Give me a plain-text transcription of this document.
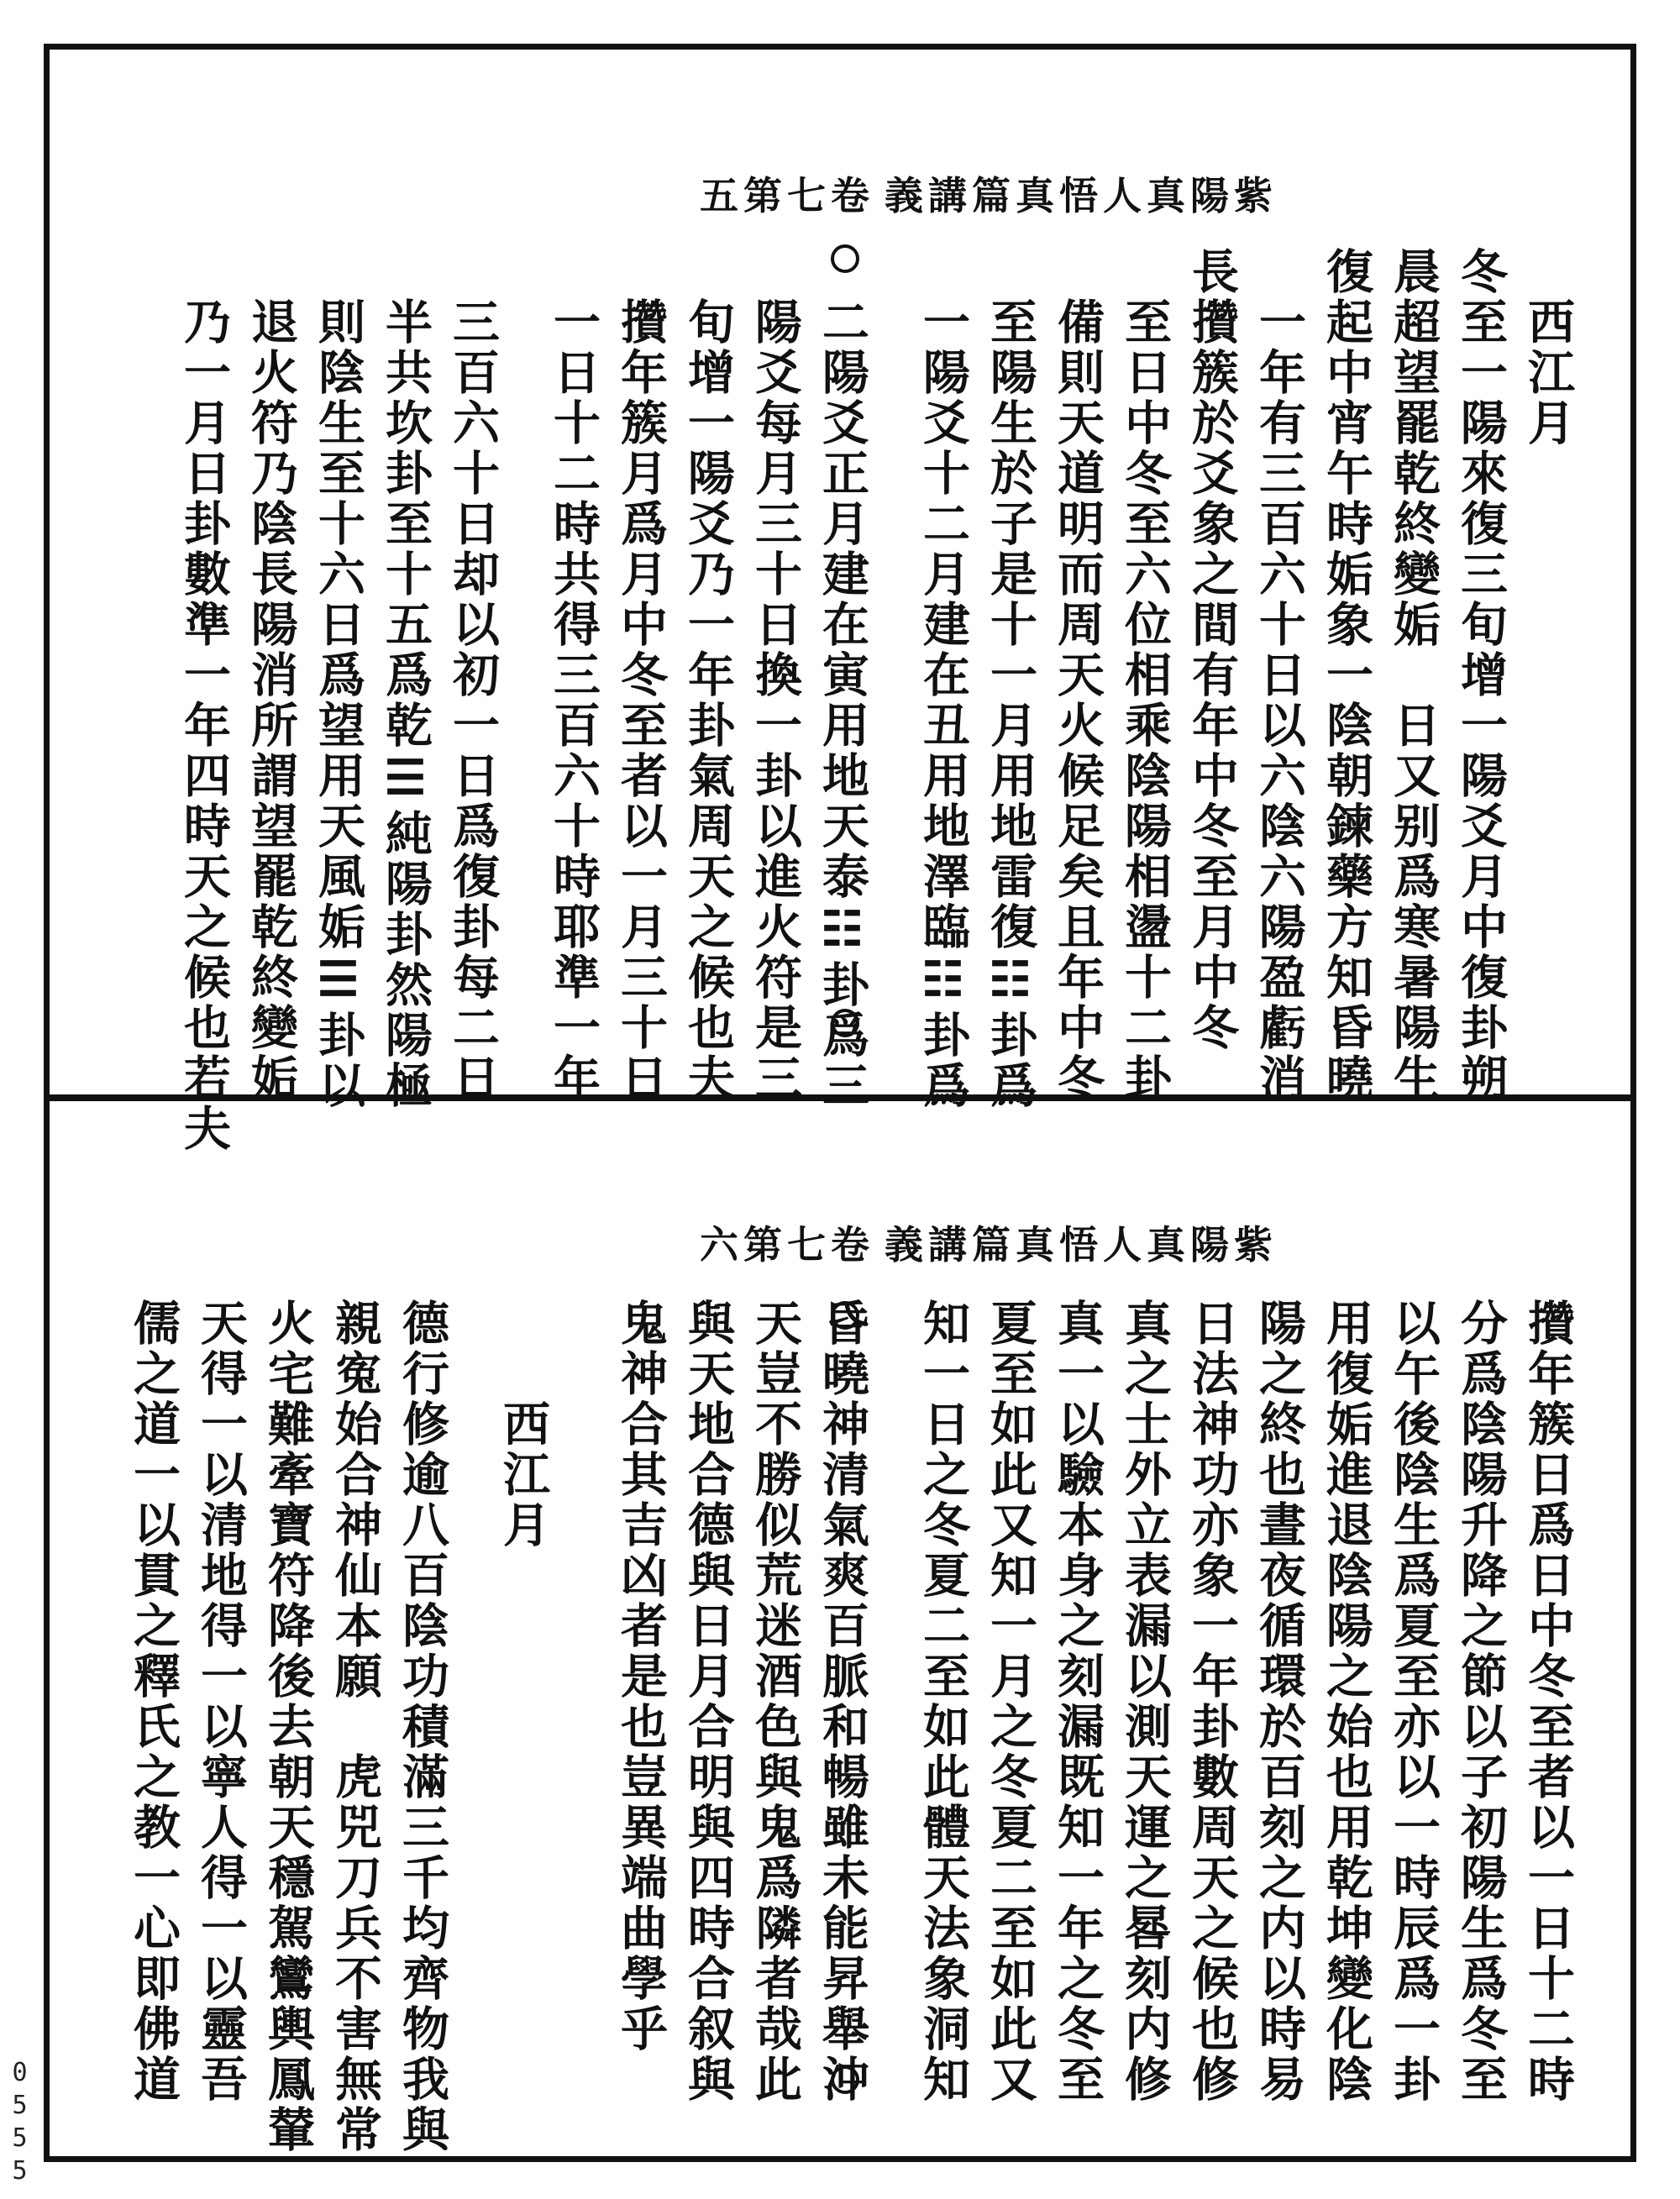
紫陽真人悟真篇講義
卷七第五
西江月
冬至一陽來復三旬增一陽爻月中復卦朔
晨超望罷乾終變姤　日又别爲寒暑陽生
復起中宵午時姤象一陰朝鍊藥方知昏曉
一年有三百六十日以六陰六陽盈虧消
長攢簇於爻象之間有年中冬至月中冬
至日中冬至六位相乘陰陽相盪十二卦
備則天道明而周天火候足矣且年中冬
至陽生於子是十一月用地雷復☷卦爲
一陽爻十二月建在丑用地澤臨☷卦爲
二陽爻正月建在寅用地天泰☷卦爲三
陽爻每月三十日換一卦以進火符是三
旬增一陽爻乃一年卦氣周天之候也夫
攢年簇月爲月中冬至者以一月三十日
一日十二時共得三百六十時耶準一年
三百六十日却以初一日爲復卦每二日
半共坎卦至十五爲乾☰純陽卦然陽極
則陰生至十六日爲望用天風姤☰卦以
退火符乃陰長陽消所謂望罷乾終變姤
乃一月日卦數準一年四時天之候也若夫
紫陽真人悟真篇講義
卷七第六
攢年簇日爲日中冬至者以一日十二時
分爲陰陽升降之節以子初陽生爲冬至
以午後陰生爲夏至亦以一時辰爲一卦
用復姤進退陰陽之始也用乾坤變化陰
陽之終也晝夜循環於百刻之内以時易
日法神功亦象一年卦數周天之候也修
真之士外立表漏以測天運之晷刻内修
真一以驗本身之刻漏既知一年之冬至
夏至如此又知一月之冬夏二至如此又
知一日之冬夏二至如此體天法象洞知
昏曉神清氣爽百脈和暢雖未能昇舉沖
天豈不勝似荒迷酒色與鬼爲隣者哉此
與天地合德與日月合明與四時合叙與
鬼神合其吉凶者是也豈異端曲學乎
西江月
德行修逾八百陰功積滿三千均齊物我與
親寃始合神仙本願　虎兕刀兵不害無常
火宅難牽寶符降後去朝天穩駕鸞輿鳳輦
天得一以清地得一以寧人得一以靈吾
儒之道一以貫之釋氏之教一心即佛道
0555
